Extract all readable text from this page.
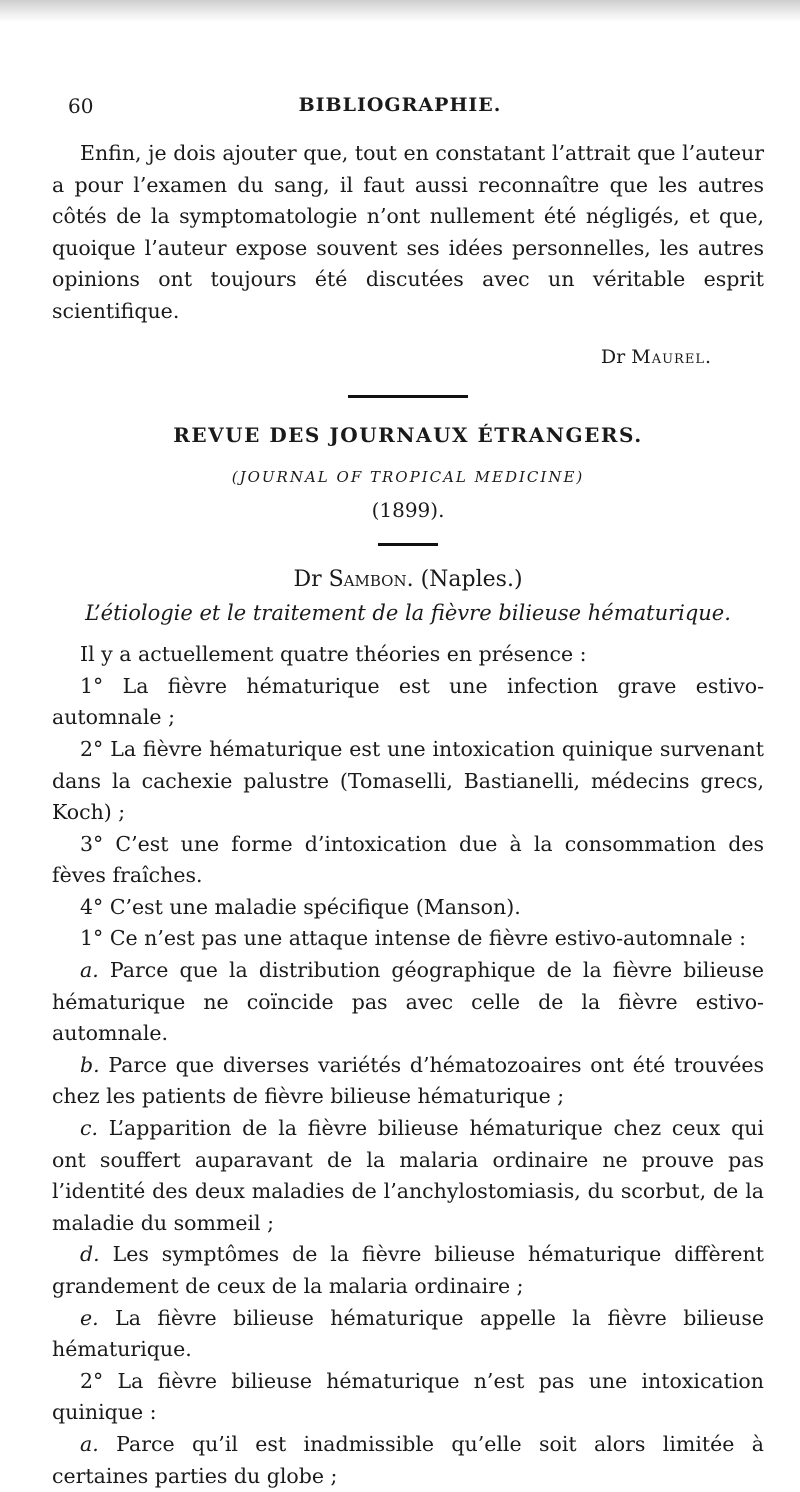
60	BIBLIOGRAPHIE.

Enfin, je dois ajouter que, tout en constatant l’attrait que l’auteur a pour l’examen du sang, il faut aussi reconnaître que les autres côtés de la symptomatologie n’ont nullement été négligés, et que, quoique l’auteur expose souvent ses idées personnelles, les autres opinions ont toujours été discutées avec un véritable esprit scientifique.

Dr Maurel.
REVUE DES JOURNAUX ÉTRANGERS.
(JOURNAL OF TROPICAL MEDICINE)
(1899).
Dr Sambon. (Naples.)
L’étiologie et le traitement de la fièvre bilieuse hématurique.

Il y a actuellement quatre théories en présence :

1° La fièvre hématurique est une infection grave estivo-automnale ;

2° La fièvre hématurique est une intoxication quinique survenant dans la cachexie palustre (Tomaselli, Bastianelli, médecins grecs, Koch) ;

3° C’est une forme d’intoxication due à la consommation des fèves fraîches.

4° C’est une maladie spécifique (Manson).

1° Ce n’est pas une attaque intense de fièvre estivo-automnale :

a. Parce que la distribution géographique de la fièvre bilieuse hématurique ne coïncide pas avec celle de la fièvre estivo-automnale.

b. Parce que diverses variétés d’hématozoaires ont été trouvées chez les patients de fièvre bilieuse hématurique ;

c. L’apparition de la fièvre bilieuse hématurique chez ceux qui ont souffert auparavant de la malaria ordinaire ne prouve pas l’identité des deux maladies de l’anchylostomiasis, du scorbut, de la maladie du sommeil ;

d. Les symptômes de la fièvre bilieuse hématurique diffèrent grandement de ceux de la malaria ordinaire ;

e. La fièvre bilieuse hématurique appelle la fièvre bilieuse hématurique.

2° La fièvre bilieuse hématurique n’est pas une intoxication quinique :

a. Parce qu’il est inadmissible qu’elle soit alors limitée à certaines parties du globe ;
